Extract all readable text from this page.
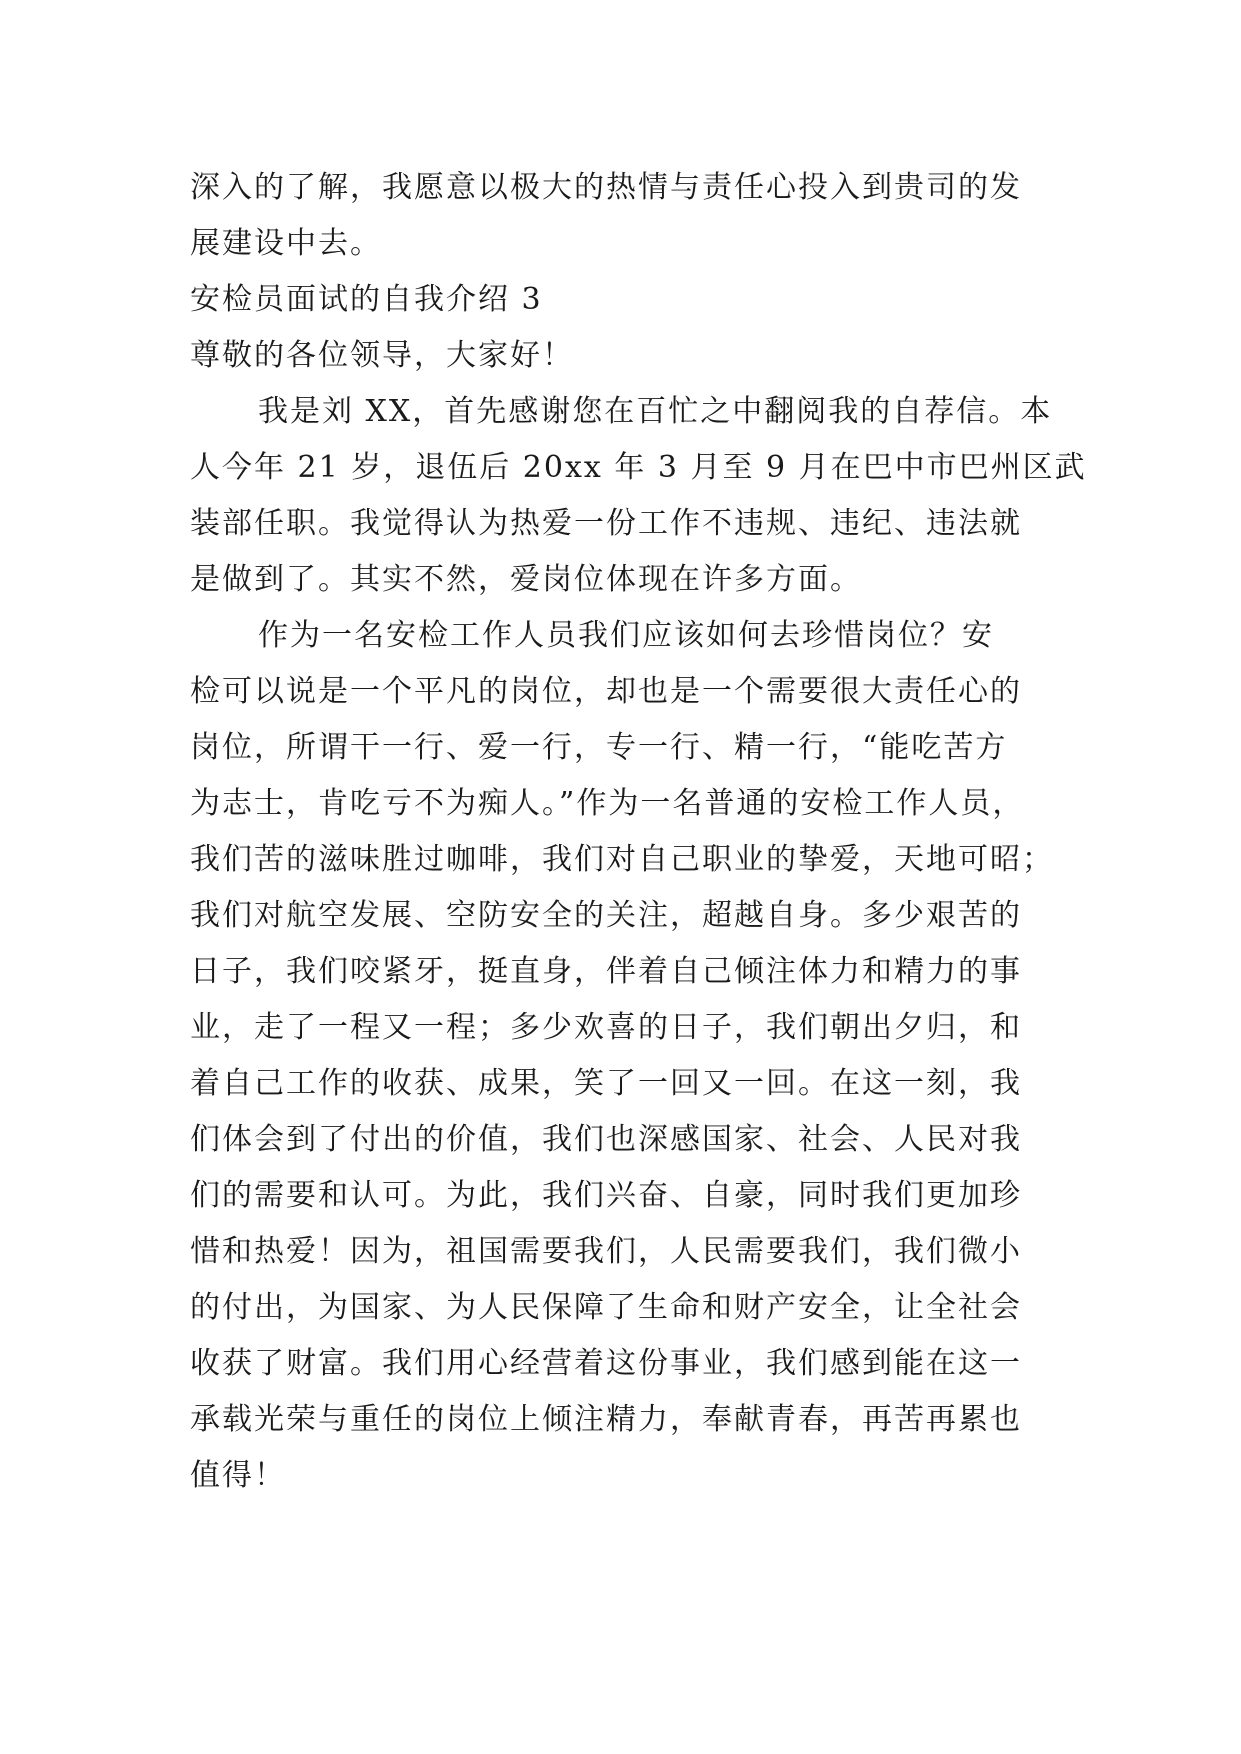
深入的了解，我愿意以极大的热情与责任心投入到贵司的发
展建设中去。
安检员面试的自我介绍 3
尊敬的各位领导，大家好！
我是刘 XX，首先感谢您在百忙之中翻阅我的自荐信。本
人今年 21 岁，退伍后 20xx 年 3 月至 9 月在巴中市巴州区武
装部任职。我觉得认为热爱一份工作不违规、违纪、违法就
是做到了。其实不然，爱岗位体现在许多方面。
作为一名安检工作人员我们应该如何去珍惜岗位？安
检可以说是一个平凡的岗位，却也是一个需要很大责任心的
岗位，所谓干一行、爱一行，专一行、精一行，“能吃苦方
为志士，肯吃亏不为痴人。”作为一名普通的安检工作人员，
我们苦的滋味胜过咖啡，我们对自己职业的挚爱，天地可昭；
我们对航空发展、空防安全的关注，超越自身。多少艰苦的
日子，我们咬紧牙，挺直身，伴着自己倾注体力和精力的事
业，走了一程又一程；多少欢喜的日子，我们朝出夕归，和
着自己工作的收获、成果，笑了一回又一回。在这一刻，我
们体会到了付出的价值，我们也深感国家、社会、人民对我
们的需要和认可。为此，我们兴奋、自豪，同时我们更加珍
惜和热爱！因为，祖国需要我们，人民需要我们，我们微小
的付出，为国家、为人民保障了生命和财产安全，让全社会
收获了财富。我们用心经营着这份事业，我们感到能在这一
承载光荣与重任的岗位上倾注精力，奉献青春，再苦再累也
值得！
